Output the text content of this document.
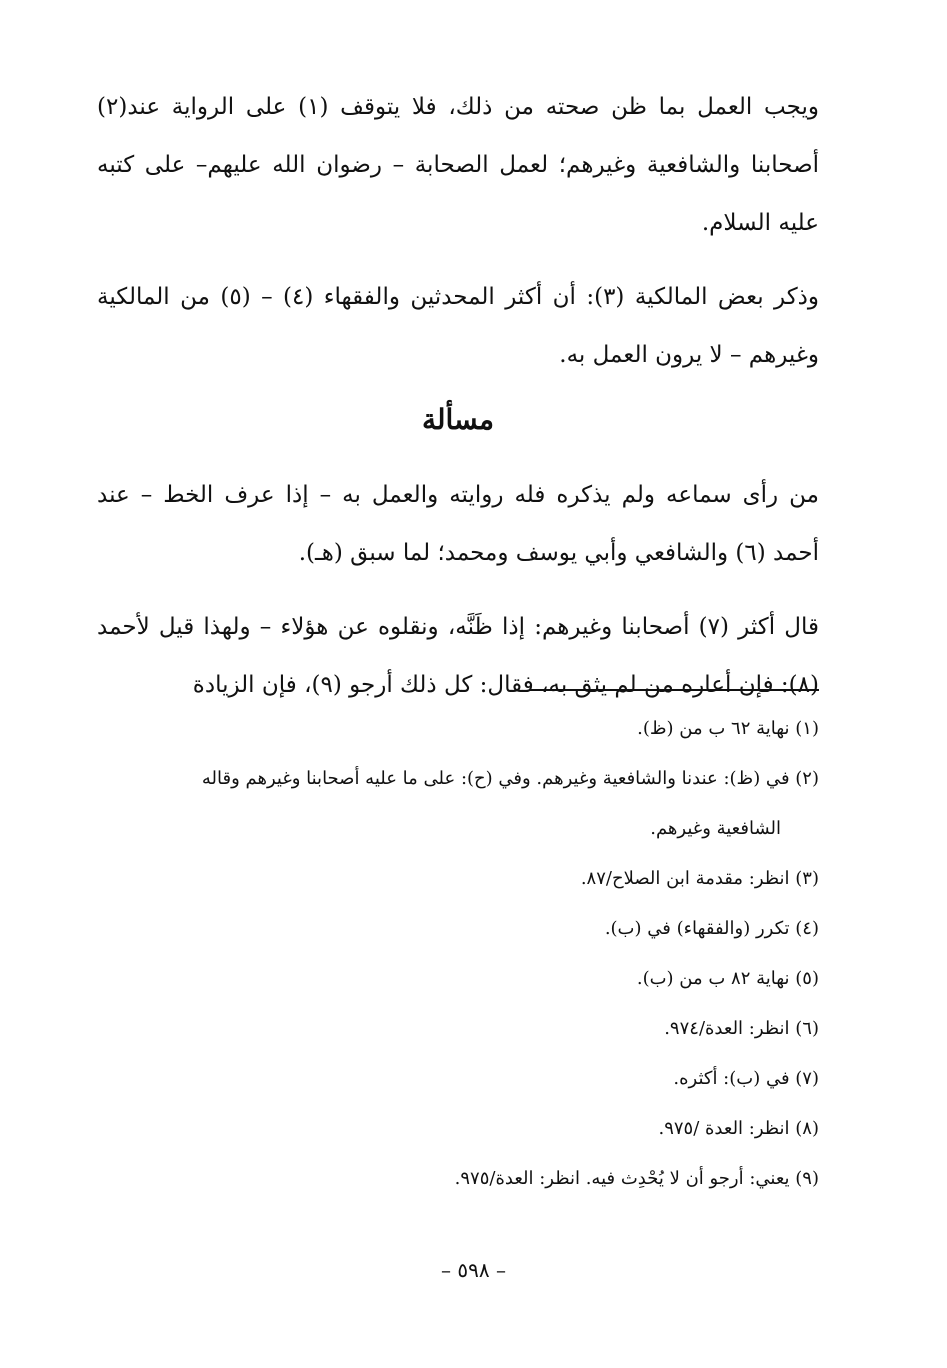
ويجب العمل بما ظن صحته من ذلك، فلا يتوقف (١) على الرواية عند(٢) أصحابنا والشافعية وغيرهم؛ لعمل الصحابة – رضوان الله عليهم– على كتبه عليه السلام.

وذكر بعض المالكية (٣): أن أكثر المحدثين والفقهاء (٤) – (٥) من المالكية وغيرهم – لا يرون العمل به.

مسألة

من رأى سماعه ولم يذكره فله روايته والعمل به – إذا عرف الخط – عند أحمد (٦) والشافعي وأبي يوسف ومحمد؛ لما سبق (هـ).

قال أكثر (٧) أصحابنا وغيرهم: إذا ظَنَّه، ونقلوه عن هؤلاء – ولهذا قيل لأحمد (٨): فإن أعاره من لم يثق به، فقال: كل ذلك أرجو (٩)، فإن الزيادة

(١) نهاية ٦٢ ب من (ظ).
(٢) في (ظ): عندنا والشافعية وغيرهم. وفي (ح): على ما عليه أصحابنا وغيرهم وقاله
الشافعية وغيرهم.
(٣) انظر: مقدمة ابن الصلاح/٨٧.
(٤) تكرر (والفقهاء) في (ب).
(٥) نهاية ٨٢ ب من (ب).
(٦) انظر: العدة/٩٧٤.
(٧) في (ب): أكثره.
(٨) انظر: العدة /٩٧٥.
(٩) يعني: أرجو أن لا يُحْدِث فيه. انظر: العدة/٩٧٥.
– ٥٩٨ –
